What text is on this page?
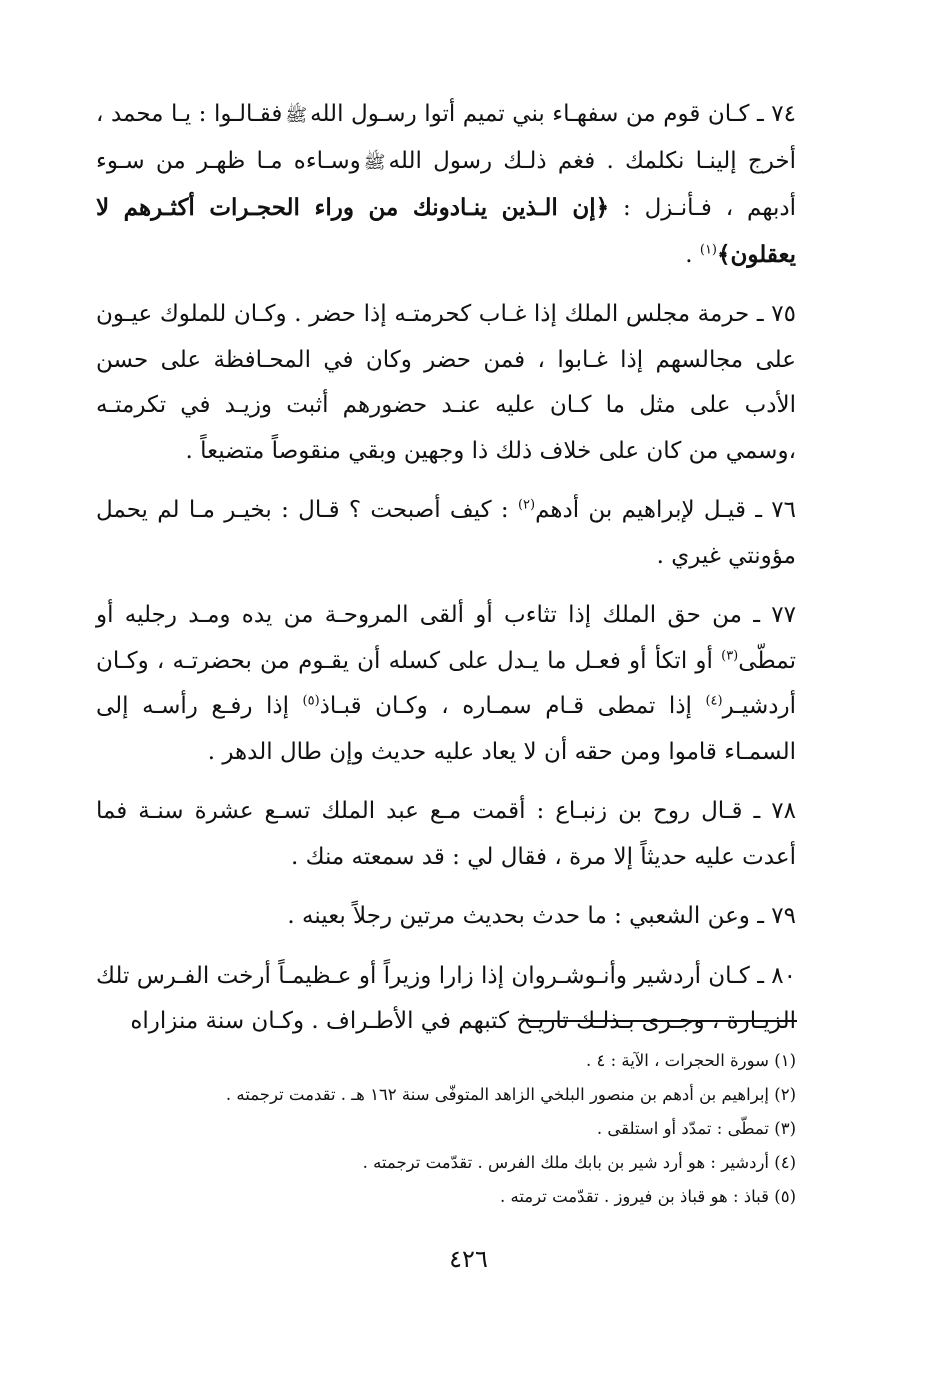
٧٤ ـ كـان قوم من سفهـاء بني تميم أتوا رسـول اللهﷺفقـالـوا : يـا محمد ، أخرج إلينـا نكلمك . فغم ذلـك رسول اللهﷺوسـاءه مـا ظهـر من سـوء أدبهم ، فـأنـزل : ﴿إن الـذين ينـادونك من وراء الحجـرات أكثـرهم لا يعقلون﴾$^{(١)}$ .

٧٥ ـ حرمة مجلس الملك إذا غـاب كحرمتـه إذا حضر . وكـان للملوك عيـون على مجالسهم إذا غـابوا ، فمن حضر وكان في المحـافظة على حسن الأدب على مثل ما كـان عليه عنـد حضورهم أثبت وزيـد في تكرمتـه ،وسمي من كان على خلاف ذلك ذا وجهين وبقي منقوصاً متضيعاً .

٧٦ ـ قيـل لإبراهيم بن أدهم$^{(٢)}$ : كيف أصبحت ؟ قـال : بخيـر مـا لم يحمل مؤونتي غيري .

٧٧ ـ من حق الملك إذا تثاءب أو ألقى المروحـة من يده ومـد رجليه أو تمطّى$^{(٣)}$ أو اتكأ أو فعـل ما يـدل على كسله أن يقـوم من بحضرتـه ، وكـان أردشيـر$^{(٤)}$ إذا تمطى قـام سمـاره ، وكـان قبـاذ$^{(٥)}$ إذا رفـع رأسـه إلى السمـاء قاموا ومن حقه أن لا يعاد عليه حديث وإن طال الدهر .

٧٨ ـ قـال روح بن زنبـاع : أقمت مـع عبد الملك تسـع عشرة سنـة فما أعدت عليه حديثاً إلا مرة ، فقال لي : قد سمعته منك .

٧٩ ـ وعن الشعبي : ما حدث بحديث مرتين رجلاً بعينه .

٨٠ ـ كـان أردشير وأنـوشـروان إذا زارا وزيراً أو عـظيمـاً أرخت الفـرس تلك الزيـارة ، وجـرى بـذلـك تاريـخ كتبهم في الأطـراف . وكـان سنة منزاراه

(١) سورة الحجرات ، الآية : ٤ .
(٢) إبراهيم بن أدهم بن منصور البلخي الزاهد المتوفّى سنة ١٦٢ هـ . تقدمت ترجمته .
(٣) تمطّى : تمدّد أو استلقى .
(٤) أردشير : هو أرد شير بن بابك ملك الفرس . تقدّمت ترجمته .
(٥) قباذ : هو قباذ بن فيروز . تقدّمت ترمته .
٤٢٦
